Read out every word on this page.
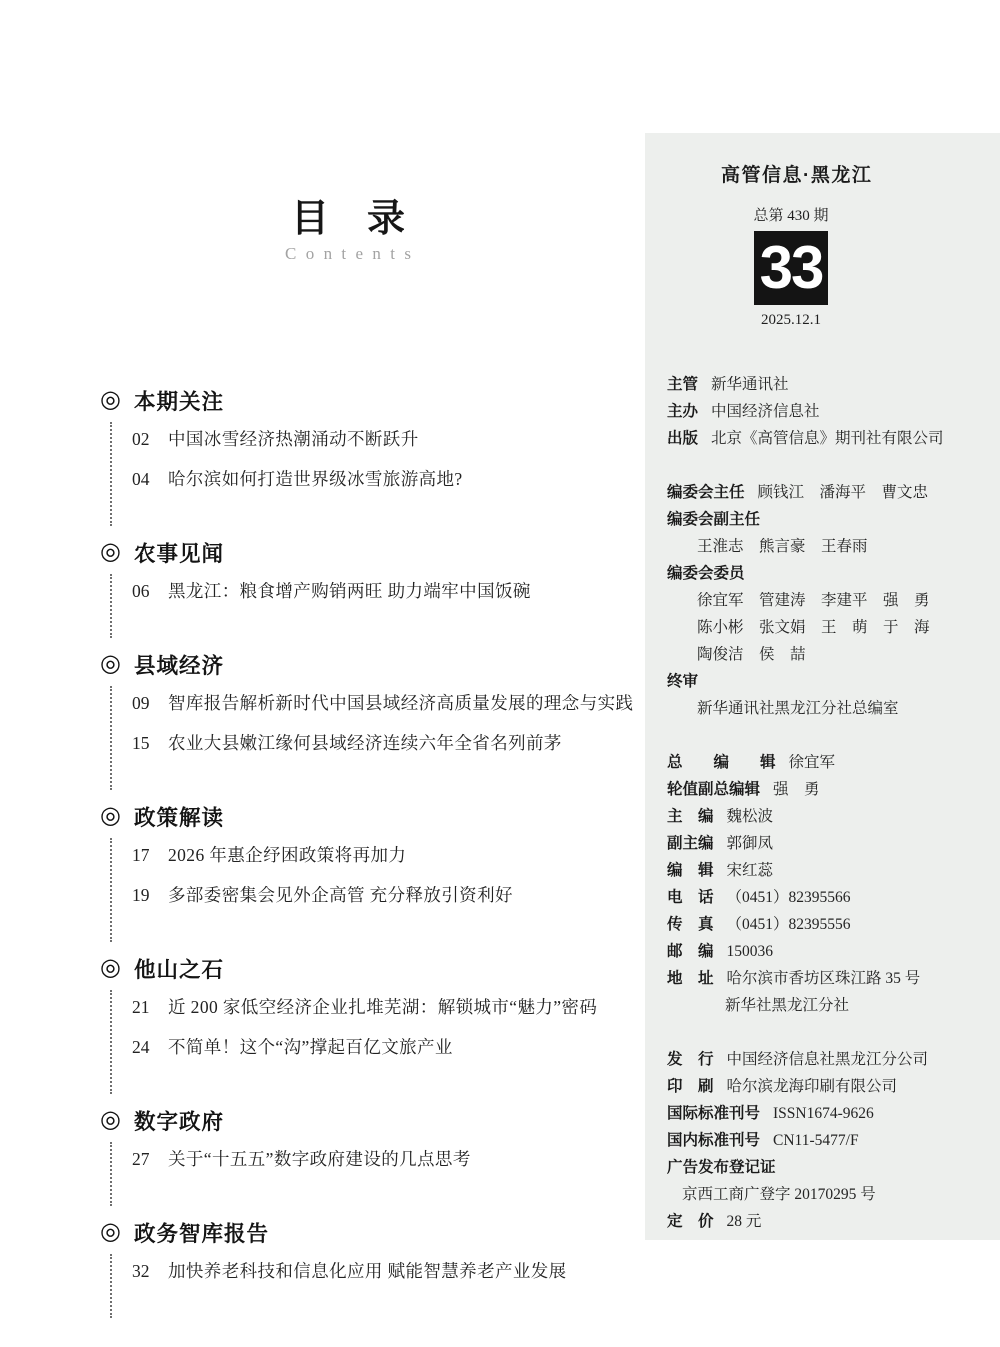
目　录
Contents
◎ 本期关注
02	中国冰雪经济热潮涌动不断跃升
04	哈尔滨如何打造世界级冰雪旅游高地?
◎ 农事见闻
06	黑龙江：粮食增产购销两旺 助力端牢中国饭碗
◎ 县域经济
09	智库报告解析新时代中国县域经济高质量发展的理念与实践
15	农业大县嫩江缘何县域经济连续六年全省名列前茅
◎ 政策解读
17	2026 年惠企纾困政策将再加力
19	多部委密集会见外企高管 充分释放引资利好
◎ 他山之石
21	近 200 家低空经济企业扎堆芜湖：解锁城市“魅力”密码
24	不简单！这个“沟”撑起百亿文旅产业
◎ 数字政府
27	关于“十五五”数字政府建设的几点思考
◎ 政务智库报告
32	加快养老科技和信息化应用 赋能智慧养老产业发展
高管信息·黑龙江
总第 430 期
33
2025.12.1
主管 新华通讯社
主办 中国经济信息社
出版 北京《高管信息》期刊社有限公司
编委会主任 顾钱江　潘海平　曹文忠
编委会副主任
王淮志　熊言豪　王春雨
编委会委员
徐宜军　管建涛　李建平　强　勇
陈小彬　张文娟　王　萌　于　海
陶俊洁　侯　喆
终审
新华通讯社黑龙江分社总编室
总　　编　　辑 徐宜军
轮值副总编辑 强　勇
主　编 魏松波
副主编 郭御凤
编　辑 宋红蕊
电　话 （0451）82395566
传　真 （0451）82395556
邮　编 150036
地　址 哈尔滨市香坊区珠江路 35 号
新华社黑龙江分社
发　行 中国经济信息社黑龙江分公司
印　刷 哈尔滨龙海印刷有限公司
国际标准刊号 ISSN1674-9626
国内标准刊号 CN11-5477/F
广告发布登记证
京西工商广登字 20170295 号
定　价 28 元
